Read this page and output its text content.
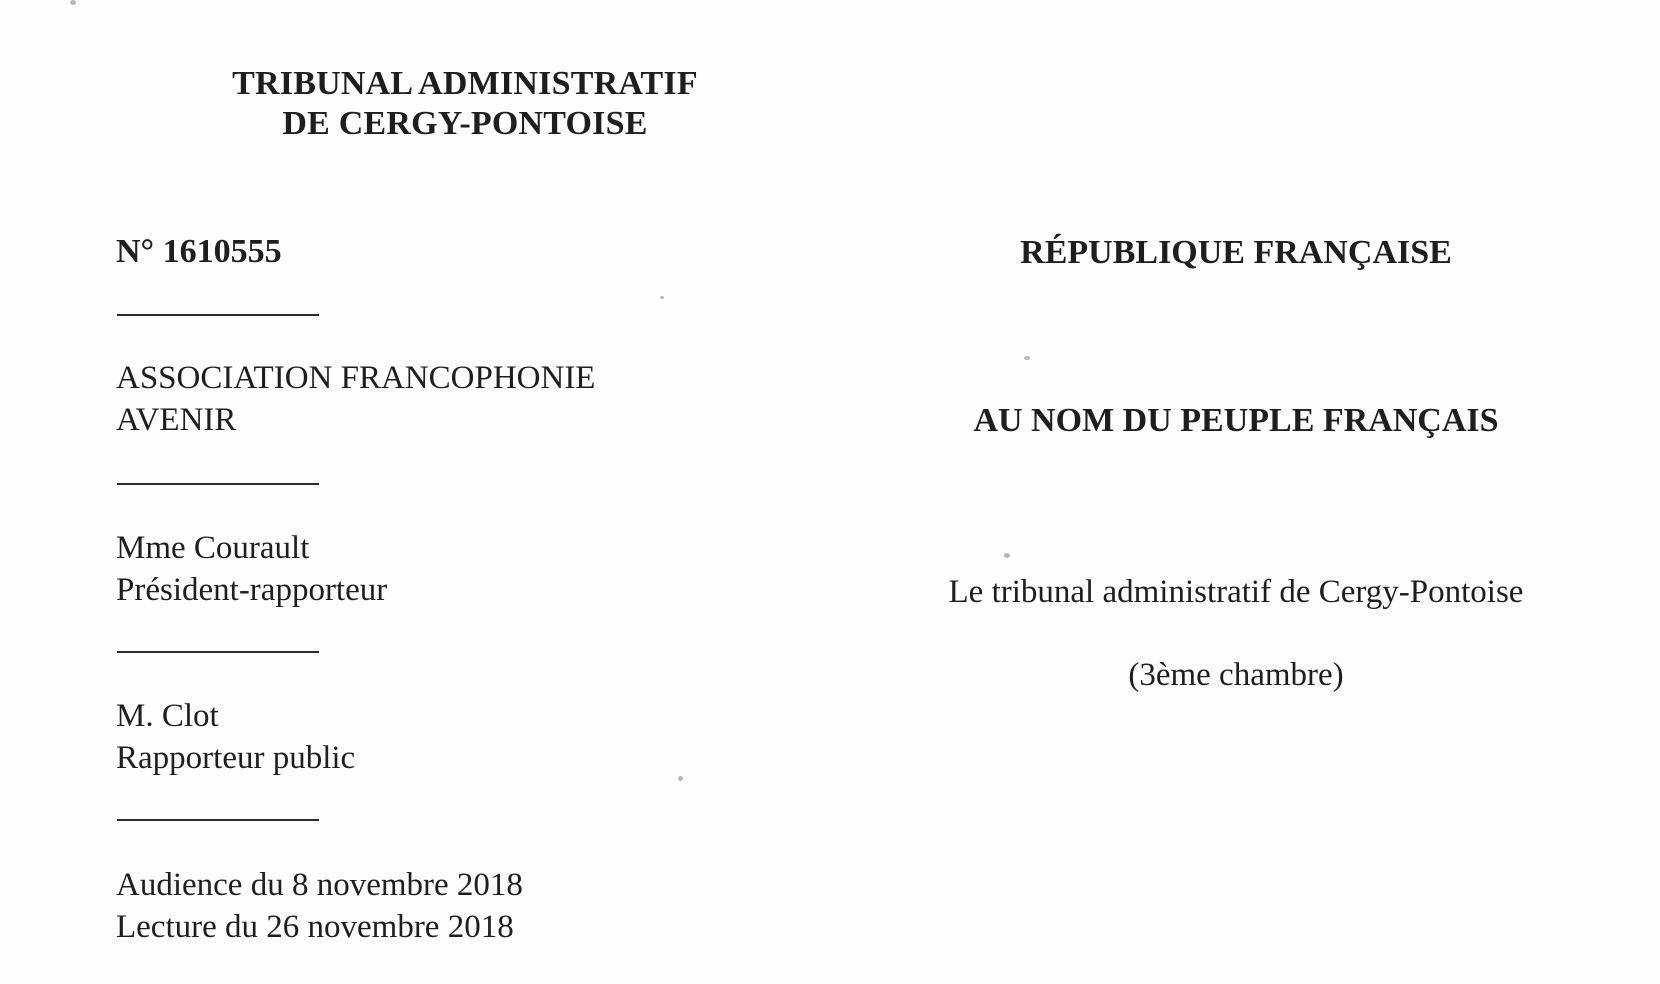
TRIBUNAL ADMINISTRATIF
DE CERGY-PONTOISE
N° 1610555
ASSOCIATION FRANCOPHONIE
AVENIR
Mme Courault
Président-rapporteur
M. Clot
Rapporteur public
Audience du 8 novembre 2018
Lecture du 26 novembre 2018
RÉPUBLIQUE FRANÇAISE
AU NOM DU PEUPLE FRANÇAIS
Le tribunal administratif de Cergy-Pontoise
(3ème chambre)
